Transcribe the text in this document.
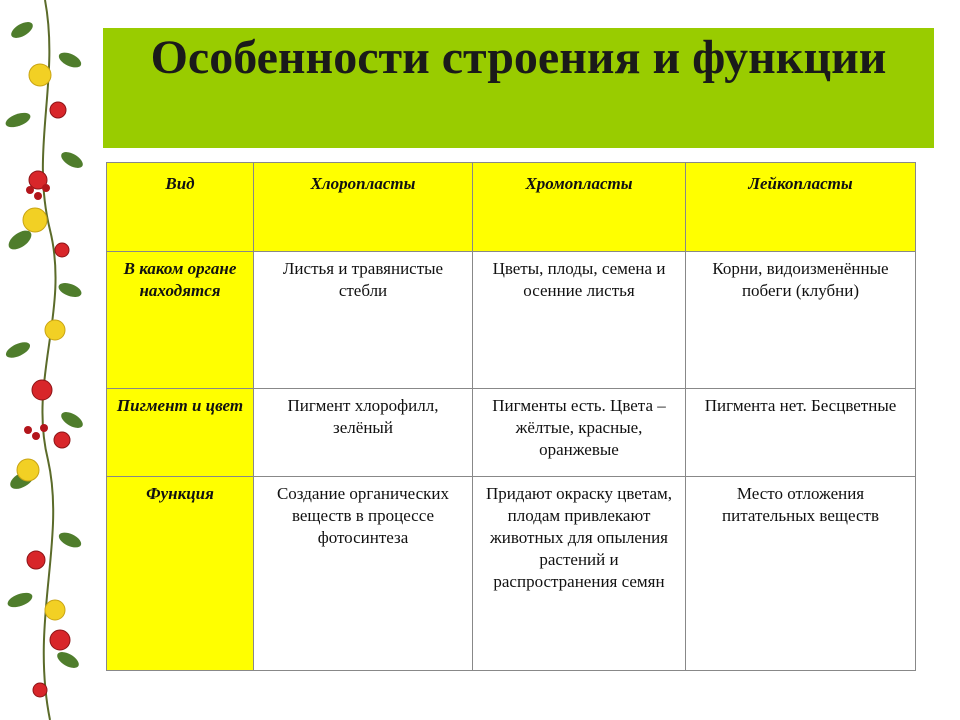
Особенности строения и функции
Вид	Хлоропласты	Хромопласты	Лейкопласты
В каком органе находятся	Листья и травянистые стебли	Цветы, плоды, семена и осенние листья	Корни, видоизменённые побеги (клубни)
Пигмент и цвет	Пигмент хлорофилл, зелёный	Пигменты есть. Цвета – жёлтые, красные, оранжевые	Пигмента нет. Бесцветные
Функция	Создание органических веществ в процессе фотосинтеза	Придают окраску цветам, плодам привлекают животных для опыления растений и распространения семян	Место отложения питательных веществ
